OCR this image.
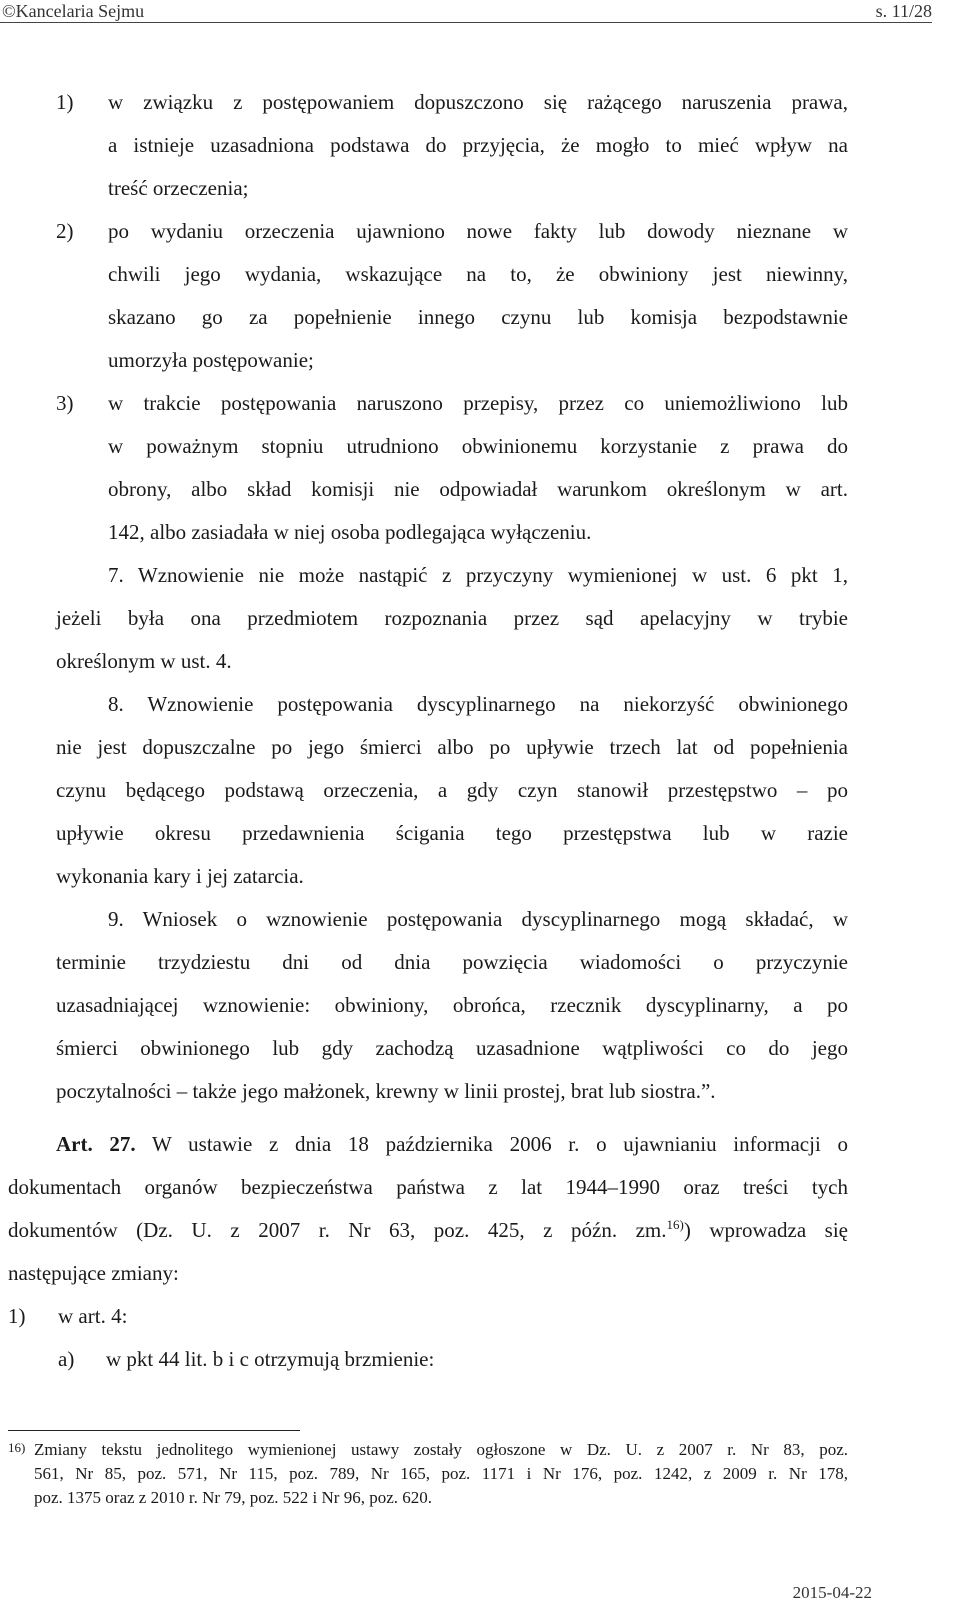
©Kancelaria Sejmu	s. 11/28
1) w związku z postępowaniem dopuszczono się rażącego naruszenia prawa,
a istnieje uzasadniona podstawa do przyjęcia, że mogło to mieć wpływ na
treść orzeczenia;
2) po wydaniu orzeczenia ujawniono nowe fakty lub dowody nieznane w
chwili jego wydania, wskazujące na to, że obwiniony jest niewinny,
skazano go za popełnienie innego czynu lub komisja bezpodstawnie
umorzyła postępowanie;
3) w trakcie postępowania naruszono przepisy, przez co uniemożliwiono lub
w poważnym stopniu utrudniono obwinionemu korzystanie z prawa do
obrony, albo skład komisji nie odpowiadał warunkom określonym w art.
142, albo zasiadała w niej osoba podlegająca wyłączeniu.
7. Wznowienie nie może nastąpić z przyczyny wymienionej w ust. 6 pkt 1,
jeżeli była ona przedmiotem rozpoznania przez sąd apelacyjny w trybie
określonym w ust. 4.
8. Wznowienie postępowania dyscyplinarnego na niekorzyść obwinionego
nie jest dopuszczalne po jego śmierci albo po upływie trzech lat od popełnienia
czynu będącego podstawą orzeczenia, a gdy czyn stanowił przestępstwo – po
upływie okresu przedawnienia ścigania tego przestępstwa lub w razie
wykonania kary i jej zatarcia.
9. Wniosek o wznowienie postępowania dyscyplinarnego mogą składać, w
terminie trzydziestu dni od dnia powzięcia wiadomości o przyczynie
uzasadniającej wznowienie: obwiniony, obrońca, rzecznik dyscyplinarny, a po
śmierci obwinionego lub gdy zachodzą uzasadnione wątpliwości co do jego
poczytalności – także jego małżonek, krewny w linii prostej, brat lub siostra.”.
Art. 27. W ustawie z dnia 18 października 2006 r. o ujawnianiu informacji o
dokumentach organów bezpieczeństwa państwa z lat 1944–1990 oraz treści tych
dokumentów (Dz. U. z 2007 r. Nr 63, poz. 425, z późn. zm.$^{16)}$) wprowadza się
następujące zmiany:
1) w art. 4:
a) w pkt 44 lit. b i c otrzymują brzmienie:
16) Zmiany tekstu jednolitego wymienionej ustawy zostały ogłoszone w Dz. U. z 2007 r. Nr 83, poz.
561, Nr 85, poz. 571, Nr 115, poz. 789, Nr 165, poz. 1171 i Nr 176, poz. 1242, z 2009 r. Nr 178,
poz. 1375 oraz z 2010 r. Nr 79, poz. 522 i Nr 96, poz. 620.
2015-04-22
